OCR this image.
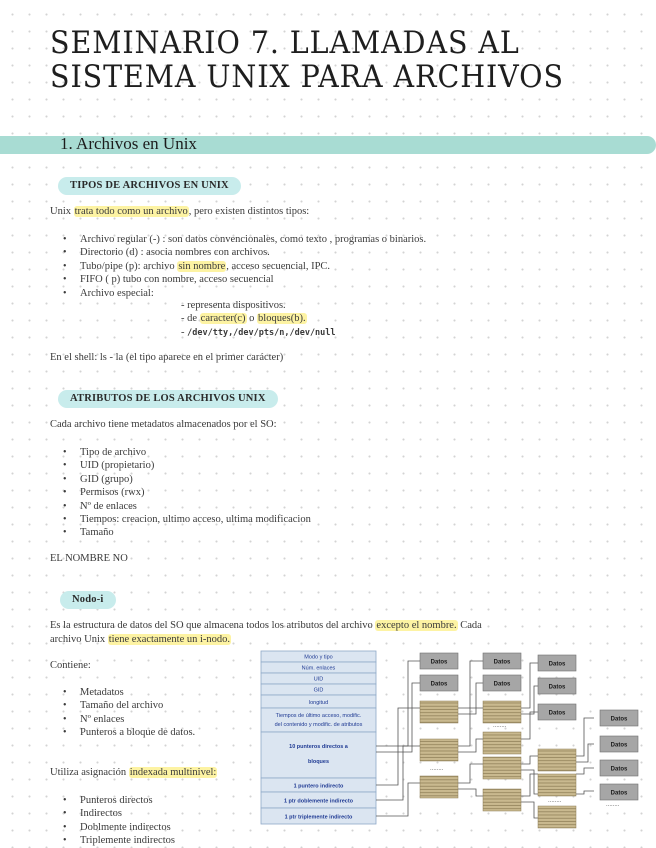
SEMINARIO 7. LLAMADAS AL
SISTEMA UNIX PARA ARCHIVOS
1. Archivos en Unix
TIPOS DE ARCHIVOS EN UNIX
Unix trata todo como un archivo, pero existen distintos tipos:
• Archivo regular (-) : son datos convencionales, como texto , programas o binarios.
• Directorio (d) : asocia nombres con archivos.
• Tubo/pipe (p): archivo sin nombre, acceso secuencial, IPC.
• FIFO ( p) tubo con nombre, acceso secuencial
• Archivo especial:
- representa dispositivos.
- de caracter(c) o bloques(b).
- /dev/tty,/dev/pts/n,/dev/null
En el shell: ls - la (el tipo aparece en el primer carácter)
ATRIBUTOS DE LOS ARCHIVOS UNIX
Cada archivo tiene metadatos almacenados por el SO:
• Tipo de archivo
• UID (propietario)
• GID (grupo)
• Permisos (rwx)
• Nº de enlaces
• Tiempos: creacion, ultimo acceso, ultima modificacion
• Tamaño
EL NOMBRE NO
Nodo-i
Es la estructura de datos del SO que almacena todos los atributos del archivo excepto el nombre. Cada
archivo Unix tiene exactamente un i-nodo.
Contiene:
• Metadatos
• Tamaño del archivo
• Nº enlaces
• Punteros a bloque de datos.
Utiliza asignación indexada multinivel:
• Punteros directos
• Indirectos
• Doblmente indirectos
• Triplemente indirectos
Modo y tipo
Núm. enlaces
UID
GID
longitud
Tiempos de último acceso, modific.
del contenido y modific. de atributos
10 punteros directos a
bloques
1 puntero indirecto
1 ptr doblemente indirecto
1 ptr triplemente indirecto
Datos
Datos
Datos
Datos
Datos
Datos
Datos
Datos
Datos
Datos
Datos
........
........
........
........
